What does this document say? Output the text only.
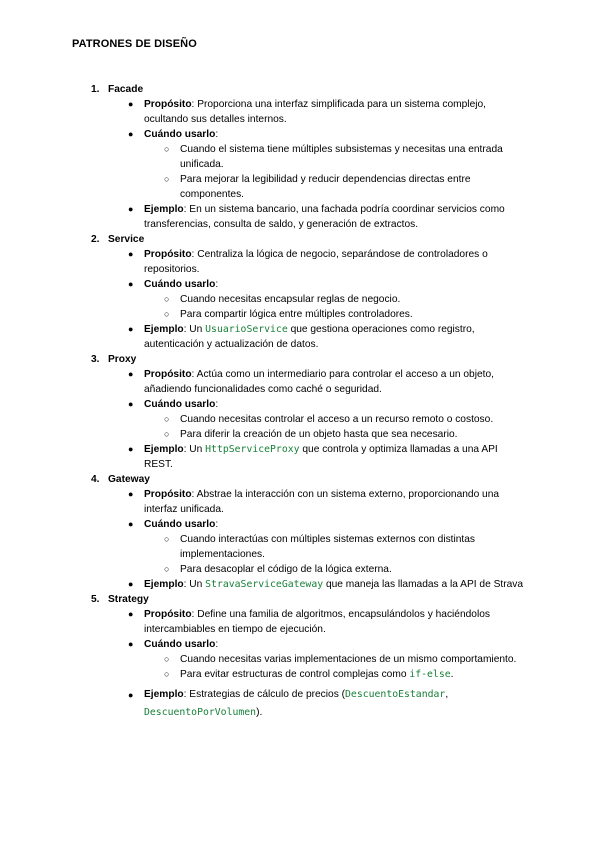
PATRONES DE DISEÑO
1. Facade
● Propósito: Proporciona una interfaz simplificada para un sistema complejo, ocultando sus detalles internos.
● Cuándo usarlo:
○ Cuando el sistema tiene múltiples subsistemas y necesitas una entrada unificada.
○ Para mejorar la legibilidad y reducir dependencias directas entre componentes.
● Ejemplo: En un sistema bancario, una fachada podría coordinar servicios como transferencias, consulta de saldo, y generación de extractos.
2. Service
● Propósito: Centraliza la lógica de negocio, separándose de controladores o repositorios.
● Cuándo usarlo:
○ Cuando necesitas encapsular reglas de negocio.
○ Para compartir lógica entre múltiples controladores.
● Ejemplo: Un UsuarioService que gestiona operaciones como registro, autenticación y actualización de datos.
3. Proxy
● Propósito: Actúa como un intermediario para controlar el acceso a un objeto, añadiendo funcionalidades como caché o seguridad.
● Cuándo usarlo:
○ Cuando necesitas controlar el acceso a un recurso remoto o costoso.
○ Para diferir la creación de un objeto hasta que sea necesario.
● Ejemplo: Un HttpServiceProxy que controla y optimiza llamadas a una API REST.
4. Gateway
● Propósito: Abstrae la interacción con un sistema externo, proporcionando una interfaz unificada.
● Cuándo usarlo:
○ Cuando interactúas con múltiples sistemas externos con distintas implementaciones.
○ Para desacoplar el código de la lógica externa.
● Ejemplo: Un StravaServiceGateway que maneja las llamadas a la API de Strava
5. Strategy
● Propósito: Define una familia de algoritmos, encapsulándolos y haciéndolos intercambiables en tiempo de ejecución.
● Cuándo usarlo:
○ Cuando necesitas varias implementaciones de un mismo comportamiento.
○ Para evitar estructuras de control complejas como if-else.
● Ejemplo: Estrategias de cálculo de precios (DescuentoEstandar, DescuentoPorVolumen).
